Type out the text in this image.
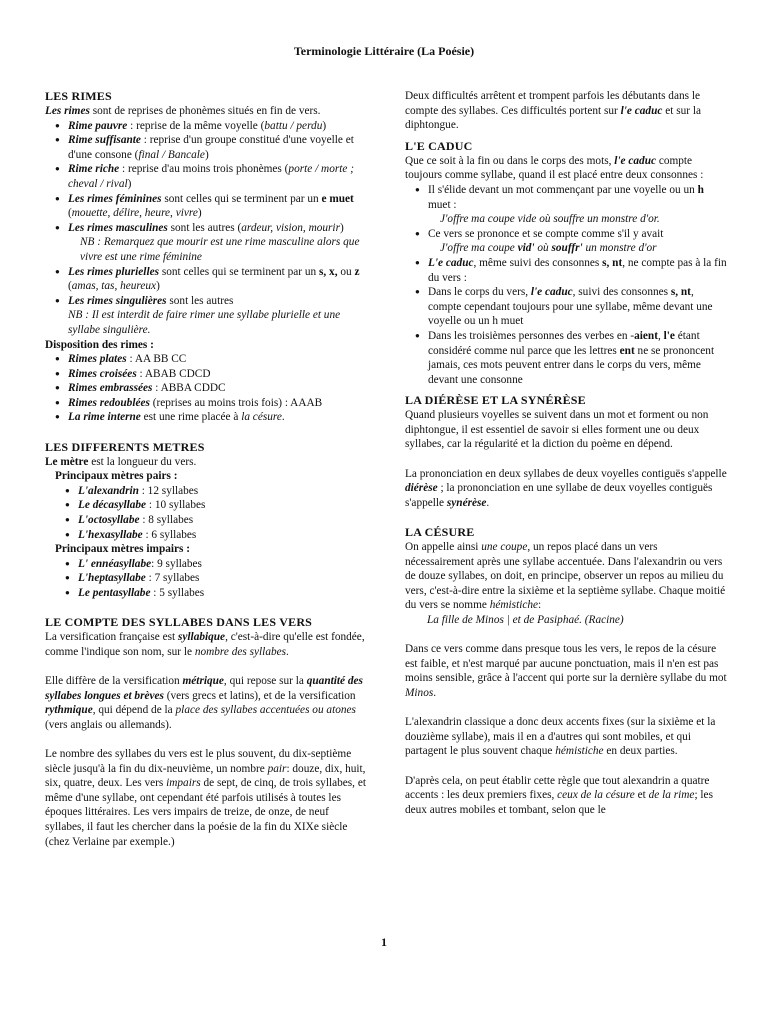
Terminologie Littéraire (La Poésie)
LES RIMES

Les rimes sont de reprises de phonèmes situés en fin de vers.

● Rime pauvre : reprise de la même voyelle (battu / perdu)
● Rime suffisante : reprise d'un groupe constitué d'une voyelle et d'une consone (final / Bancale)
● Rime riche : reprise d'au moins trois phonèmes (porte / morte ; cheval / rival)
● Les rimes féminines sont celles qui se terminent par un e muet (mouette, délire, heure, vivre)
● Les rimes masculines sont les autres (ardeur, vision, mourir)

NB : Remarquez que mourir est une rime masculine alors que vivre est une rime féminine

● Les rimes plurielles sont celles qui se terminent par un s, x, ou z (amas, tas, heureux)
● Les rimes singulières sont les autres

NB : Il est interdit de faire rimer une syllabe plurielle et une syllabe singulière.

Disposition des rimes :

● Rimes plates : AA BB CC
● Rimes croisées : ABAB CDCD
● Rimes embrassées : ABBA CDDC
● Rimes redoublées (reprises au moins trois fois) : AAAB
● La rime interne est une rime placée à la césure.
LES DIFFERENTS METRES

Le mètre est la longueur du vers.

Principaux mètres pairs :

● L'alexandrin : 12 syllabes
● Le décasyllabe : 10 syllabes
● L'octosyllabe : 8 syllabes
● L'hexasyllabe : 6 syllabes

Principaux mètres impairs :

● L' ennéasyllabe: 9 syllabes
● L'heptasyllabe : 7 syllabes
● Le pentasyllabe : 5 syllabes
LE COMPTE DES SYLLABES DANS LES VERS

La versification française est syllabique, c'est-à-dire qu'elle est fondée, comme l'indique son nom, sur le nombre des syllabes.

Elle diffère de la versification métrique, qui repose sur la quantité des syllabes longues et brèves (vers grecs et latins), et de la versification rythmique, qui dépend de la place des syllabes accentuées ou atones (vers anglais ou allemands).

Le nombre des syllabes du vers est le plus souvent, du dix-septième siècle jusqu'à la fin du dix-neuvième, un nombre pair: douze, dix, huit, six, quatre, deux. Les vers impairs de sept, de cinq, de trois syllabes, et même d'une syllabe, ont cependant été parfois utilisés à toutes les époques littéraires. Les vers impairs de treize, de onze, de neuf syllabes, il faut les chercher dans la poésie de la fin du XIXe siècle (chez Verlaine par exemple.)

Deux difficultés arrêtent et trompent parfois les débutants dans le compte des syllabes. Ces difficultés portent sur l'e caduc et sur la diphtongue.

L'E CADUC

Que ce soit à la fin ou dans le corps des mots, l'e caduc compte toujours comme syllabe, quand il est placé entre deux consonnes :

● Il s'élide devant un mot commençant par une voyelle ou un h muet :

J'offre ma coupe vide où souffre un monstre d'or.

● Ce vers se prononce et se compte comme s'il y avait

J'offre ma coupe vid' où souffr' un monstre d'or

● L'e caduc, même suivi des consonnes s, nt, ne compte pas à la fin du vers :
● Dans le corps du vers, l'e caduc, suivi des consonnes s, nt, compte cependant toujours pour une syllabe, même devant une voyelle ou un h muet
● Dans les troisièmes personnes des verbes en -aient, l'e étant considéré comme nul parce que les lettres ent ne se prononcent jamais, ces mots peuvent entrer dans le corps du vers, même devant une consonne
LA DIÉRÈSE ET LA SYNÉRÈSE

Quand plusieurs voyelles se suivent dans un mot et forment ou non diphtongue, il est essentiel de savoir si elles forment une ou deux syllabes, car la régularité et la diction du poème en dépend.

La prononciation en deux syllabes de deux voyelles contiguës s'appelle diérèse ; la prononciation en une syllabe de deux voyelles contiguës s'appelle synérèse.

LA CÉSURE

On appelle ainsi une coupe, un repos placé dans un vers nécessairement après une syllabe accentuée. Dans l'alexandrin ou vers de douze syllabes, on doit, en principe, observer un repos au milieu du vers, c'est-à-dire entre la sixième et la septième syllabe. Chaque moitié du vers se nomme hémistiche:

La fille de Minos | et de Pasiphaé. (Racine)

Dans ce vers comme dans presque tous les vers, le repos de la césure est faible, et n'est marqué par aucune ponctuation, mais il n'en est pas moins sensible, grâce à l'accent qui porte sur la dernière syllabe du mot Minos.

L'alexandrin classique a donc deux accents fixes (sur la sixième et la douzième syllabe), mais il en a d'autres qui sont mobiles, et qui partagent le plus souvent chaque hémistiche en deux parties.

D'après cela, on peut établir cette règle que tout alexandrin a quatre accents : les deux premiers fixes, ceux de la césure et de la rime; les deux autres mobiles et tombant, selon que le

1
